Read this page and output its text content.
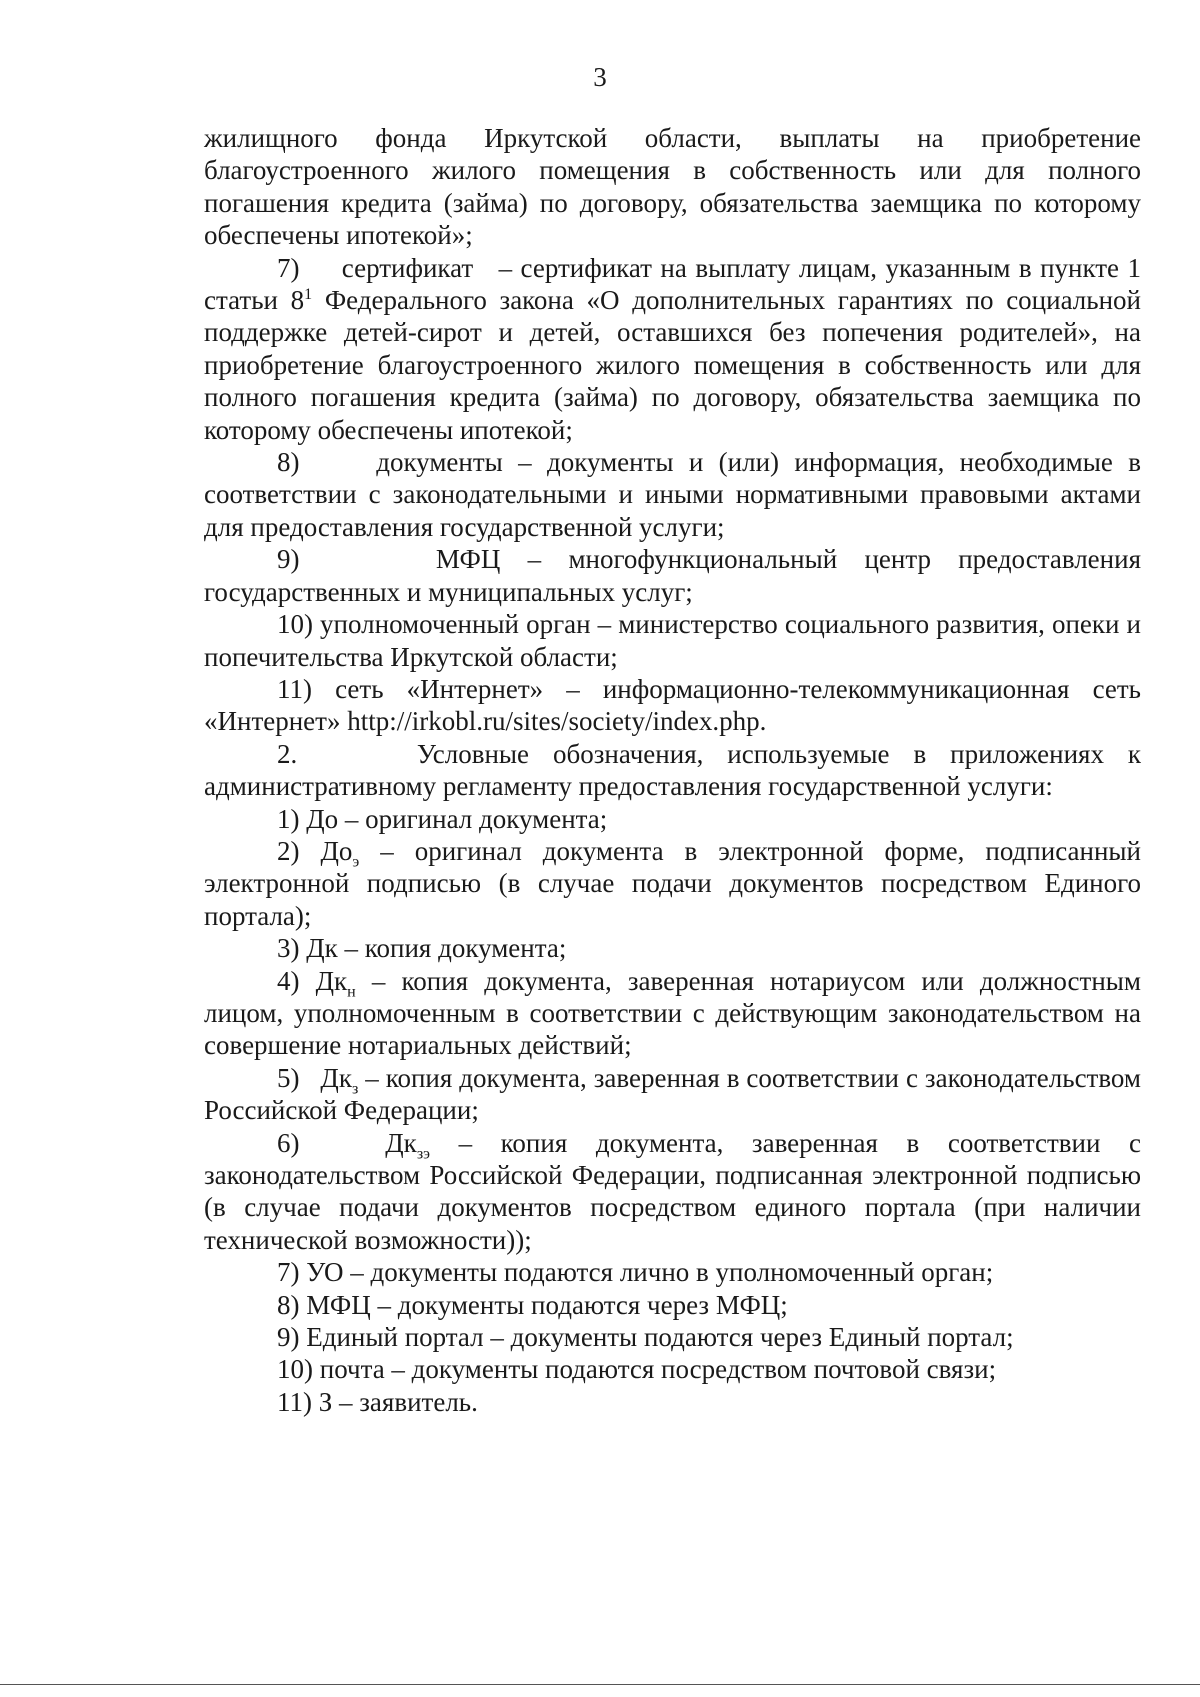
3

жилищного фонда Иркутской области, выплаты на приобретение благоустроенного жилого помещения в собственность или для полного погашения кредита (займа) по договору, обязательства заемщика по которому обеспечены ипотекой»;

7)     сертификат   – сертификат на выплату лицам, указанным в пункте 1 статьи $8^1$ Федерального закона «О дополнительных гарантиях по социальной поддержке детей-сирот и детей, оставшихся без попечения родителей», на приобретение благоустроенного жилого помещения в собственность или для полного погашения кредита (займа) по договору, обязательства заемщика по которому обеспечены ипотекой;

8)     документы – документы и (или) информация, необходимые в соответствии с законодательными и иными нормативными правовыми актами для предоставления государственной услуги;

9)     МФЦ – многофункциональный центр предоставления государственных и муниципальных услуг;

10) уполномоченный орган – министерство социального развития, опеки и попечительства Иркутской области;

11) сеть «Интернет» – информационно-телекоммуникационная сеть «Интернет» http://irkobl.ru/sites/society/index.php.

2.     Условные обозначения, используемые в приложениях к административному регламенту предоставления государственной услуги:

1) До – оригинал документа;

2) $До_э$ – оригинал документа в электронной форме, подписанный электронной подписью (в случае подачи документов посредством Единого портала);

3) Дк – копия документа;

4) $Дк_н$ – копия документа, заверенная нотариусом или должностным лицом, уполномоченным в соответствии с действующим законодательством на совершение нотариальных действий;

5)   $Дк_з$ – копия документа, заверенная в соответствии с законодательством Российской Федерации;

6)   $Дк_{зэ}$ – копия документа, заверенная в соответствии с законодательством Российской Федерации, подписанная электронной подписью (в случае подачи документов посредством единого портала (при наличии технической возможности));

7) УО – документы подаются лично в уполномоченный орган;

8) МФЦ – документы подаются через МФЦ;

9) Единый портал – документы подаются через Единый портал;

10) почта – документы подаются посредством почтовой связи;

11) З – заявитель.
